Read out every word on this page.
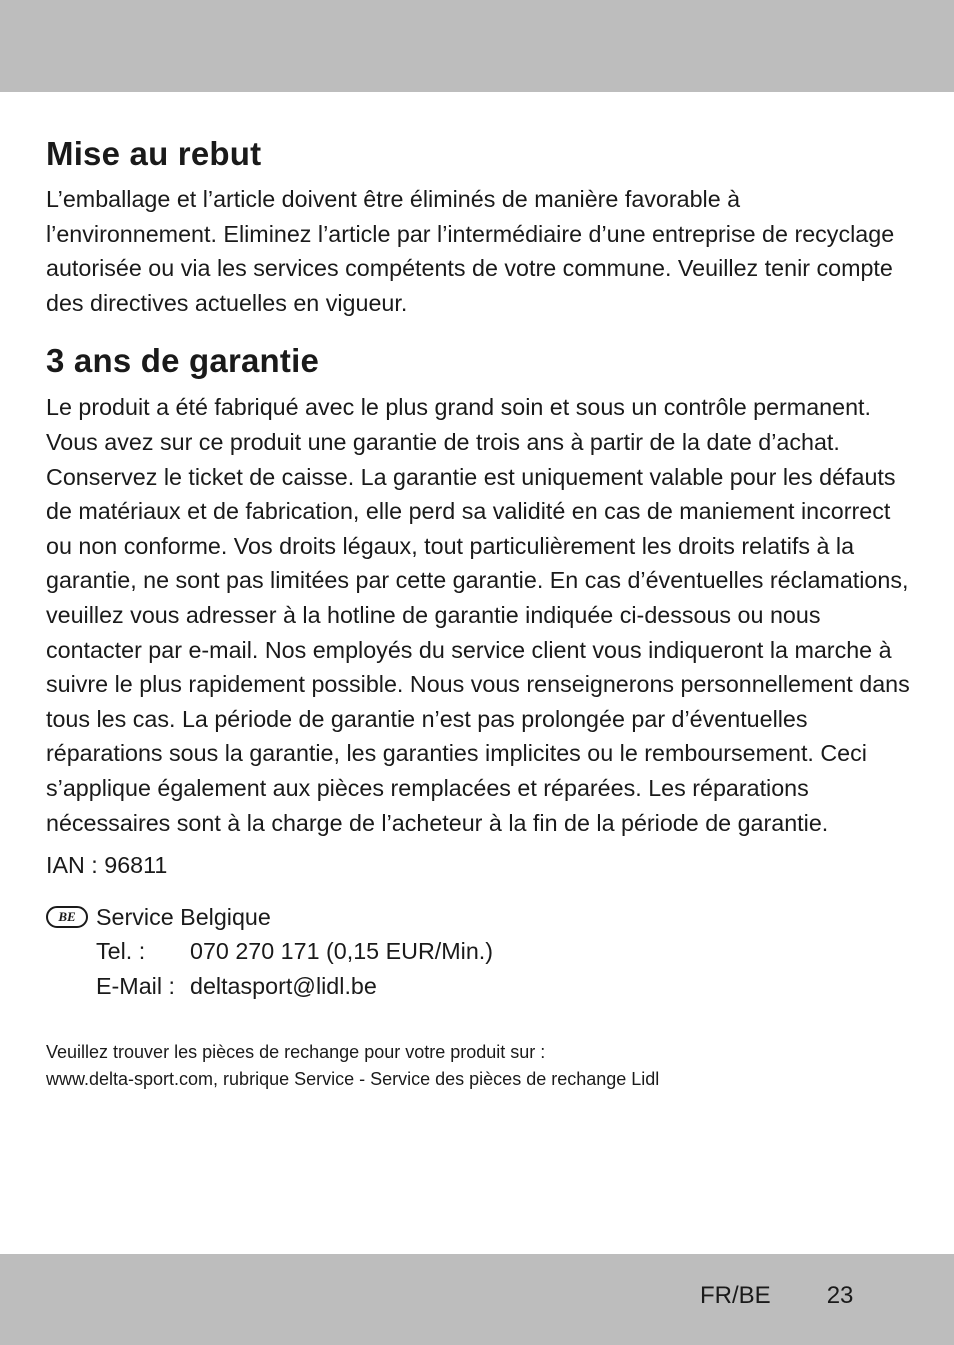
Mise au rebut

L’emballage et l’article doivent être éliminés de manière favorable à l’environnement. Eliminez l’article par l’intermédiaire d’une entreprise de recyclage autorisée ou via les services compétents de votre commune. Veuillez tenir compte des directives actuelles en vigueur.

3 ans de garantie

Le produit a été fabriqué avec le plus grand soin et sous un contrôle permanent. Vous avez sur ce produit une garantie de trois ans à partir de la date d’achat. Conservez le ticket de caisse. La garantie est uniquement valable pour les défauts de matériaux et de fabrication, elle perd sa validité en cas de maniement incorrect ou non conforme. Vos droits légaux, tout particulièrement les droits relatifs à la garantie, ne sont pas limitées par cette garantie. En cas d’éventuelles réclamations, veuillez vous adresser à la hotline de garantie indiquée ci-dessous ou nous contacter par e-mail. Nos employés du service client vous indiqueront la marche à suivre le plus rapidement possible. Nous vous renseignerons personnellement dans tous les cas. La période de garantie n’est pas prolongée par d’éventuelles réparations sous la garantie, les garanties implicites ou le remboursement. Ceci s’applique également aux pièces remplacées et réparées. Les réparations nécessaires sont à la charge de l’acheteur à la fin de la période de garantie.

IAN : 96811

BE Service Belgique

Tel. :	070 270 171 (0,15 EUR/Min.)
E-Mail : deltasport@lidl.be

Veuillez trouver les pièces de rechange pour votre produit sur :

www.delta-sport.com, rubrique Service - Service des pièces de rechange Lidl

FR/BE 23
